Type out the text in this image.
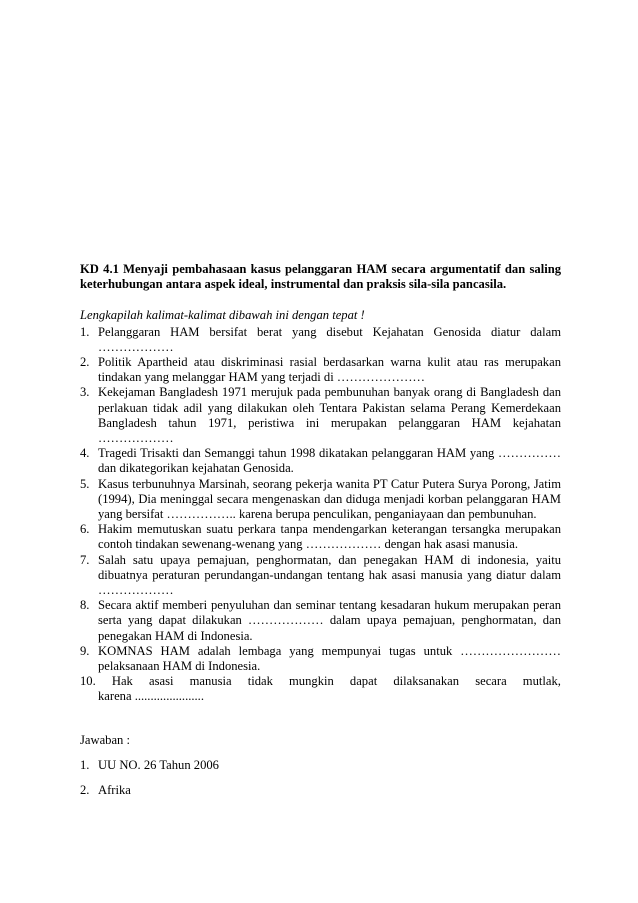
KD 4.1 Menyaji pembahasaan kasus pelanggaran HAM secara argumentatif dan saling keterhubungan antara aspek ideal, instrumental dan praksis sila-sila pancasila.

Lengkapilah kalimat-kalimat dibawah ini dengan tepat !

1. Pelanggaran HAM bersifat berat yang disebut Kejahatan Genosida diatur dalam ………………
2. Politik Apartheid atau diskriminasi rasial berdasarkan warna kulit atau ras merupakan tindakan yang melanggar HAM yang terjadi di …………………
3. Kekejaman Bangladesh 1971 merujuk pada pembunuhan banyak orang di Bangladesh dan perlakuan tidak adil yang dilakukan oleh Tentara Pakistan selama Perang Kemerdekaan Bangladesh tahun 1971, peristiwa ini merupakan pelanggaran HAM kejahatan ………………
4. Tragedi Trisakti dan Semanggi tahun 1998 dikatakan pelanggaran HAM yang …………… dan dikategorikan kejahatan Genosida.
5. Kasus terbunuhnya Marsinah, seorang pekerja wanita PT Catur Putera Surya Porong, Jatim (1994), Dia meninggal secara mengenaskan dan diduga menjadi korban pelanggaran HAM yang bersifat …………….. karena berupa penculikan, penganiayaan dan pembunuhan.
6. Hakim memutuskan suatu perkara tanpa mendengarkan keterangan tersangka merupakan contoh tindakan sewenang-wenang yang ……………… dengan hak asasi manusia.
7. Salah satu upaya pemajuan, penghormatan, dan penegakan HAM di indonesia, yaitu dibuatnya peraturan perundangan-undangan tentang hak asasi manusia yang diatur dalam ………………
8. Secara aktif memberi penyuluhan dan seminar tentang kesadaran hukum merupakan peran serta yang dapat dilakukan ……………… dalam upaya pemajuan, penghormatan, dan penegakan HAM di Indonesia.
9. KOMNAS HAM adalah lembaga yang mempunyai tugas untuk …………………… pelaksanaan HAM di Indonesia.
10. Hak asasi manusia tidak mungkin dapat dilaksanakan secara mutlak,
karena ......................

Jawaban :

1. UU NO. 26 Tahun 2006
2. Afrika
